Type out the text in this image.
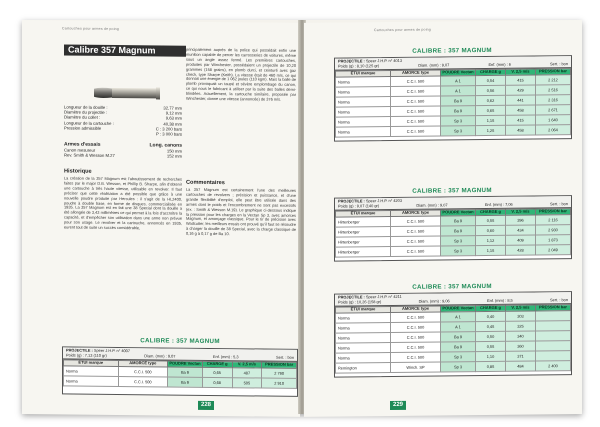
Cartouches pour armes de poing
Calibre 357 Magnum
Longueur de la douille :	32,77 mm
Diamètre du projectile :	9,12 mm
Diamètre du collet :	9,63 mm
Longueur de la cartouche :	40,38 mm
Pression admissible	C : 3 200 bars
P : 3 000 bars
Armes d'essais	Long. canons
Canon mesureur	150 mm
Rev. Smith & Wesson M.27	152 mm
Historique
La création de la 357 Magnum est l'aboutissement de recherches faites par le major D.B. Wesson, et Phillip B. Sharpe, afin d'obtenir une cartouche à très haute vitesse, utilisable en revolver. Il faut préciser que cette réalisation a été possible que grâce à une nouvelle poudre produite par Hercules : il s'agit de la HL2400, poudre à double base, en forme de disques, commercialisée en 1935. La 357 Magnum est en fait une 38 Special dont la douille a été allongée de 3,43 millimètres ce qui permet à la fois d'accroître la capacité, et d'empêcher son utilisation dans une arme non prévue pour son usage. Le revolver et la cartouche, annoncés en 1935, eurent tout de suite un succès considérable,
principalement auprès de la police qui possédait enfin une munition capable de percer les carrosseries de voitures, même sous un angle assez fermé. Les premières cartouches, produites par Winchester, possédaient un projectile de 10,20 grammes (158 grains), en plomb durci, et ceinturé avec gaz check, type Sharpe (Keith). La vitesse était de 460 m/s, ce qui donnait une énergie de 1 062 joules (110 kgm). Mais la balle de plomb provoquait un taupé et sévère emplombage du canon, ce qui nous le fabricant à utiliser par la suite des balles demi-blindées. Actuellement, la cartouche similaire, proposée par Winchester, donne une vitesse (annoncée) de 376 m/s.
Commentaires
La 357 Magnum est certainement l'une des meilleures cartouches de revolvers ; précision et puissance, et d'une grande flexibilité d'emploi, elle peut être utilisée dans des armes dont le poids et l'encombrement ne sont pas excessifs (ex. : Smith & Wesson M.19). Le graphique ci-dessous indique la pression pour les charges en la Vectan Sp 3, avec amorces Magnum, et amorçage classique. Pour le tir de précision avec Wadcutter, les meilleurs essais ont prouvé qu'il faut se résoudre à charger la douille de 38 Special, avec la charge classique de 0,16 g à 0,17 g de Ba 10.
CALIBRE : 357 MAGNUM
PROJECTILE : Speer J.H.P. n° 4007
Poids (g) : 7,13 (110 gr)	Diam. (mm) : 9,07	Enf. (mm) : 5,3	Sert. : bon
ÉTUI marque	AMORCE type	POUDRE Vectan	CHARGE g	V. 2,5 m/s	PRESSION bar
Norma	C.C.I. 500	Ba 9	0,65	487	2 790
Norma	C.C.I. 500	Ba 9	0,68	505	2 910
228
Cartouches pour armes de poing
CALIBRE : 357 MAGNUM
PROJECTILE : Speer J.H.P. n° 4013
Poids (g) : 8,10 (125 gr)	Diam. (mm) : 9,07	Enf. (mm) : 6	Sert. : bon
ÉTUI marque	AMORCE type	POUDRE Vectan	CHARGE g	V. 2,5 m/s	PRESSION bar
Norma	C.C.I. 500	A 1	0,54	415	2 212
Norma	C.C.I. 500	A 1	0,56	429	2 516
Norma	C.C.I. 500	Ba 9	0,62	441	2 316
Norma	C.C.I. 500	Ba 9	0,65	458	2 671
Norma	C.C.I. 500	Sp 3	1,15	415	1 640
Norma	C.C.I. 500	Sp 3	1,25	458	2 064
CALIBRE : 357 MAGNUM
PROJECTILE : Speer J.H.P. n° 4203
Poids (g) : 9,07 (140 gr)	Diam. (mm) : 9,07	Enf. (mm) : 7,06	Sert. : bon
ÉTUI marque	AMORCE type	POUDRE Vectan	CHARGE g	V. 2,5 m/s	PRESSION bar
Hirtenberger	C.C.I. 500	Ba 9	0,55	396	2 116
Hirtenberger	C.C.I. 500	Ba 9	0,60	434	2 930
Hirtenberger	C.C.I. 500	Sp 3	1,12	409	1 873
Hirtenberger	C.C.I. 500	Sp 3	1,15	428	2 049
CALIBRE : 357 MAGNUM
PROJECTILE : Speer J.H.P. n° 4211
Poids (g) : 10,26 (158 gr)	Diam. (mm) : 9,06	Enf. (mm) : 8,5	Sert. : bon
ÉTUI marque	AMORCE type	POUDRE Vectan	CHARGE g	V. 2,5 m/s	PRESSION bar
Norma	C.C.I. 500	A 1	0,40	303	
Norma	C.C.I. 500	A 1	0,45	325	
Norma	C.C.I. 500	Ba 9	0,50	340	
Norma	C.C.I. 500	Ba 9	0,55	360	
Norma	C.C.I. 500	Sp 3	1,10	371	
Remington	Winch. SP	Sp 3	0,85	484	2 400
229
